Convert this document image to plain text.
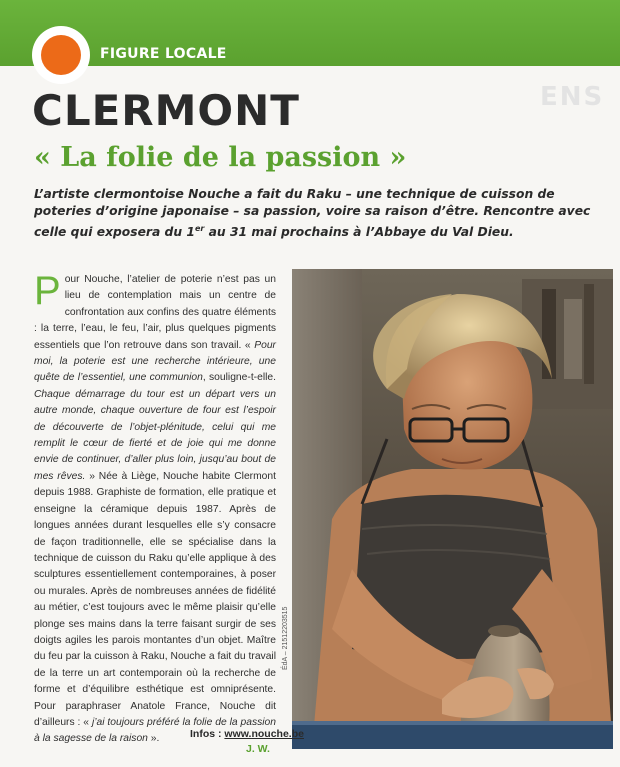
FIGURE LOCALE
ENS
CLERMONT
« La folie de la passion »

L’artiste clermontoise Nouche a fait du Raku – une technique de cuisson de poteries d’origine japonaise – sa passion, voire sa raison d’être. Rencontre avec celle qui exposera du 1er au 31 mai prochains à l’Abbaye du Val Dieu.

Pour Nouche, l’atelier de poterie n’est pas un lieu de contemplation mais un centre de confrontation aux confins des quatre éléments : la terre, l’eau, le feu, l’air, plus quelques pigments essentiels que l’on retrouve dans son travail. « Pour moi, la poterie est une recherche intérieure, une quête de l’essentiel, une communion, souligne-t-elle. Chaque démarrage du tour est un départ vers un autre monde, chaque ouverture de four est l’espoir de découverte de l’objet-plénitude, celui qui me remplit le cœur de fierté et de joie qui me donne envie de continuer, d’aller plus loin, jusqu’au bout de mes rêves. » Née à Liège, Nouche habite Clermont depuis 1988. Graphiste de formation, elle pratique et enseigne la céramique depuis 1987. Après de longues années durant lesquelles elle s’y consacre de façon traditionnelle, elle se spécialise dans la technique de cuisson du Raku qu’elle applique à des sculptures essentiellement contemporaines, à poser ou murales. Après de nombreuses années de fidélité au métier, c’est toujours avec le même plaisir qu’elle plonge ses mains dans la terre faisant surgir de ses doigts agiles les parois montantes d’un objet. Maître du feu par la cuisson à Raku, Nouche a fait du travail de la terre un art contemporain où la recherche de forme et d’équilibre esthétique est omniprésente. Pour paraphraser Anatole France, Nouche dit d’ailleurs : « j’ai toujours préféré la folie de la passion à la sagesse de la raison ».

ÉdA – 21512203515
Infos : www.nouche.be
J. W.
